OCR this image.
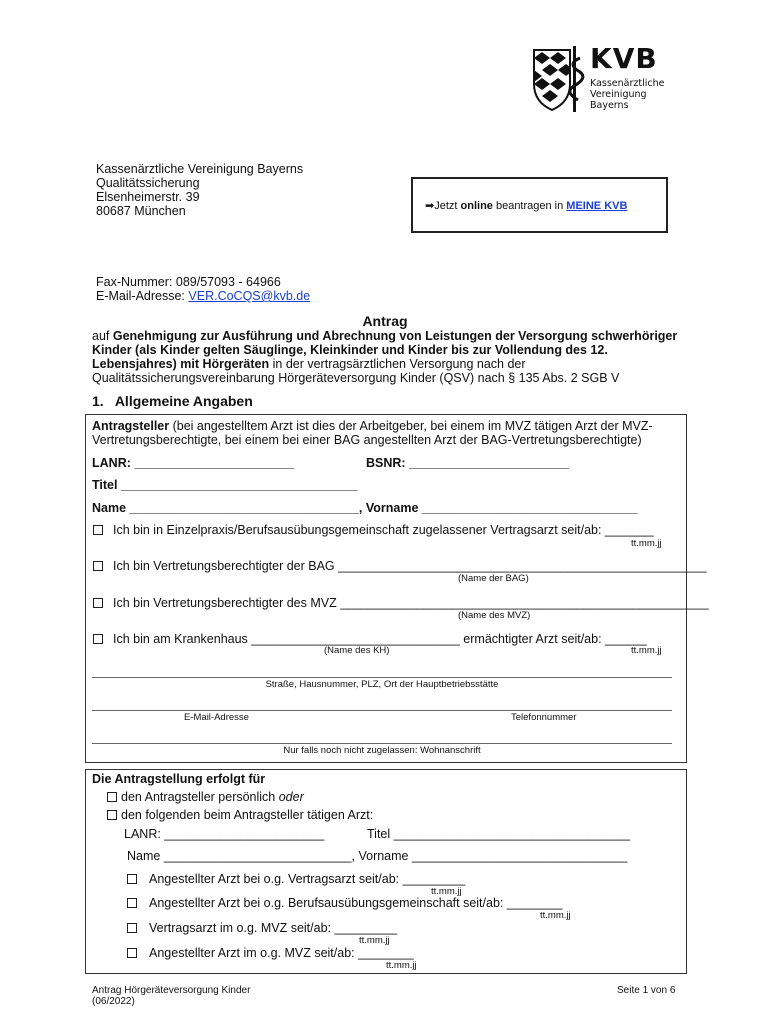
KVB
Kassenärztliche
Vereinigung
Bayerns
Kassenärztliche Vereinigung Bayerns
Qualitätssicherung
Elsenheimerstr. 39
80687 München	➡Jetzt online beantragen in MEINE KVB
Fax-Nummer: 089/57093 - 64966
E-Mail-Adresse: VER.CoCQS@kvb.de
Antrag
auf Genehmigung zur Ausführung und Abrechnung von Leistungen der Versorgung schwerhöriger Kinder (als Kinder gelten Säuglinge, Kleinkinder und Kinder bis zur Vollendung des 12. Lebensjahres) mit Hörgeräten in der vertragsärztlichen Versorgung nach der Qualitätssicherungsvereinbarung Hörgeräteversorgung Kinder (QSV) nach § 135 Abs. 2 SGB V
1.   Allgemeine Angaben
Antragsteller (bei angestelltem Arzt ist dies der Arbeitgeber, bei einem im MVZ tätigen Arzt der MVZ-Vertretungsberechtigte, bei einem bei einer BAG angestellten Arzt der BAG-Vertretungsberechtigte)
LANR: _______________________	BSNR: _______________________
Titel __________________________________
Name _________________________________, Vorname _______________________________
Ich bin in Einzelpraxis/Berufsausübungsgemeinschaft zugelassener Vertragsarzt seit/ab: _______
tt.mm.jj
Ich bin Vertretungsberechtigter der BAG _____________________________________________________
(Name der BAG)
Ich bin Vertretungsberechtigter des MVZ _____________________________________________________
(Name des MVZ)
Ich bin am Krankenhaus ______________________________ ermächtigter Arzt seit/ab: ______
(Name des KH)	tt.mm.jj
Straße, Hausnummer, PLZ, Ort der Hauptbetriebsstätte
E-Mail-Adresse	Telefonnummer
Nur falls noch nicht zugelassen: Wohnanschrift
Die Antragstellung erfolgt für
den Antragsteller persönlich oder
den folgenden beim Antragsteller tätigen Arzt:
LANR: _______________________	Titel __________________________________
Name ___________________________, Vorname _______________________________
Angestellter Arzt bei o.g. Vertragsarzt seit/ab: _________
tt.mm.jj
Angestellter Arzt bei o.g. Berufsausübungsgemeinschaft seit/ab: ________
tt.mm.jj
Vertragsarzt im o.g. MVZ seit/ab: _________
tt.mm.jj
Angestellter Arzt im o.g. MVZ seit/ab: ________
tt.mm.jj
Antrag Hörgeräteversorgung Kinder
(06/2022)
Seite 1 von 6
